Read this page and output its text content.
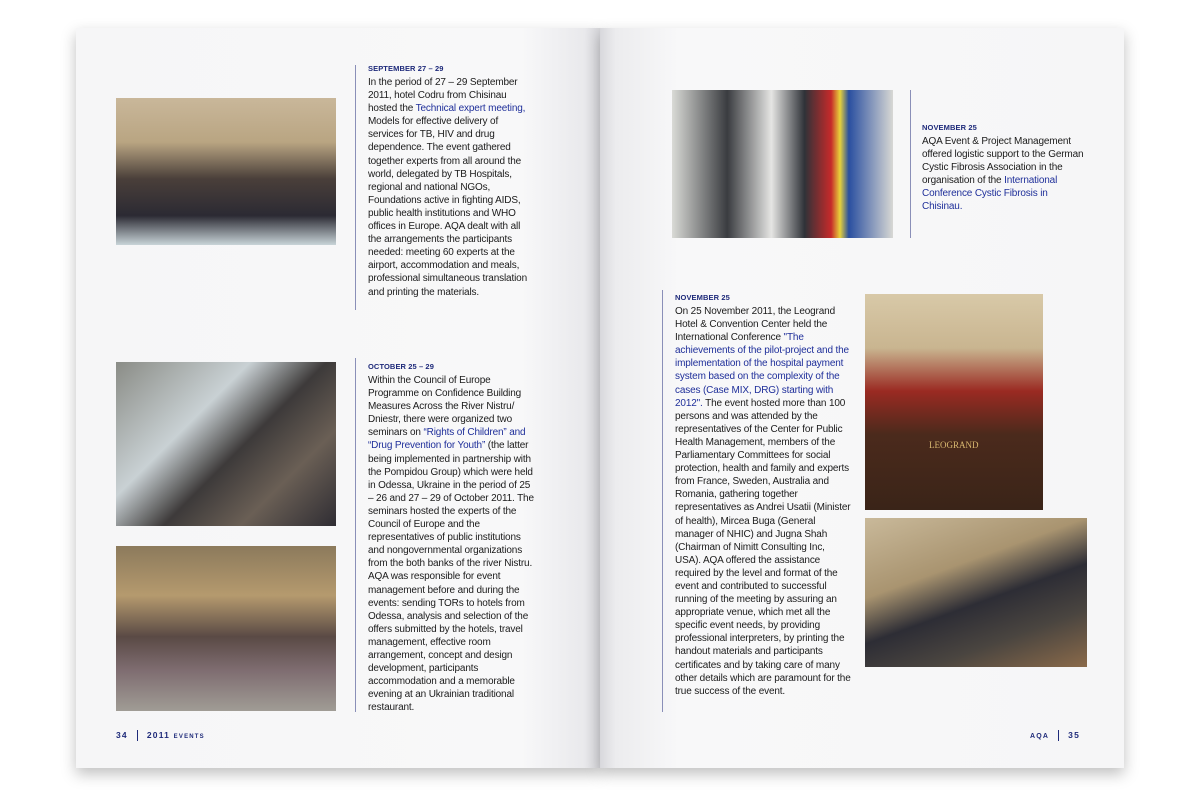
LEOGRAND
SEPTEMBER 27 – 29
In the period of 27 – 29 September 2011, hotel Codru from Chisinau hosted the Technical expert meeting, Models for effective delivery of services for TB, HIV and drug dependence. The event gathered together experts from all around the world, delegated by TB Hospitals, regional and national NGOs, Foundations active in fighting AIDS, public health institutions and WHO offices in Europe. AQA dealt with all the arrangements the participants needed: meeting 60 experts at the airport, accommodation and meals, professional simultaneous translation and printing the materials.
OCTOBER 25 – 29
Within the Council of Europe Programme on Confidence Building Measures Across the River Nistru/ Dniestr, there were organized two seminars on “Rights of Children” and “Drug Prevention for Youth” (the latter being implemented in partnership with the Pompidou Group) which were held in Odessa, Ukraine in the period of 25 – 26 and 27 – 29 of October 2011. The seminars hosted the experts of the Council of Europe and the representatives of public institutions and nongovernmental organizations from the both banks of the river Nistru. AQA was responsible for event management before and during the events: sending TORs to hotels from Odessa, analysis and selection of the offers submitted by the hotels, travel management, effective room arrangement, concept and design development, participants accommodation and a memorable evening at an Ukrainian traditional restaurant.
NOVEMBER 25
AQA Event & Project Management offered logistic support to the German Cystic Fibrosis Association in the organisation of the International Conference Cystic Fibrosis in Chisinau.
NOVEMBER 25
On 25 November 2011, the Leogrand Hotel & Convention Center held the International Conference "The achievements of the pilot-project and the implementation of the hospital payment system based on the complexity of the cases (Case MIX, DRG) starting with 2012". The event hosted more than 100 persons and was attended by the representatives of the Center for Public Health Management, members of the Parliamentary Committees for social protection, health and family and experts from France, Sweden, Australia and Romania, gathering together representatives as Andrei Usatii (Minister of health), Mircea Buga (General manager of NHIC) and Jugna Shah (Chairman of Nimitt Consulting Inc, USA). AQA offered the assistance required by the level and format of the event and contributed to successful running of the meeting by assuring an appropriate venue, which met all the specific event needs, by providing professional interpreters, by printing the handout materials and participants certificates and by taking care of many other details which are paramount for the true success of the event.
34 2011 events	AQA 35
